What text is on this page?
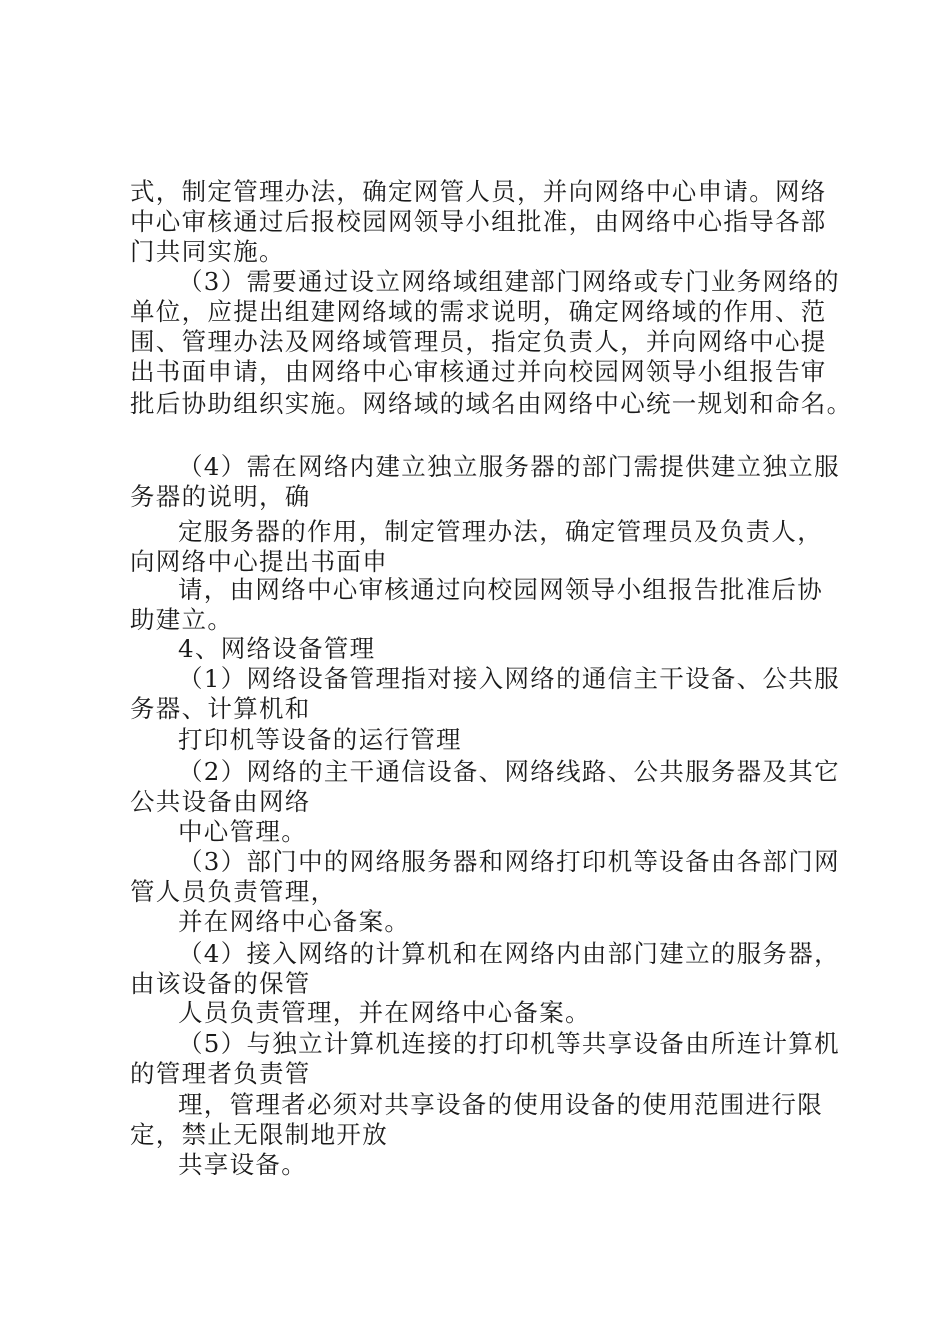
式，制定管理办法，确定网管人员，并向网络中心申请。网络
中心审核通过后报校园网领导小组批准，由网络中心指导各部
门共同实施。
（3）需要通过设立网络域组建部门网络或专门业务网络的
单位，应提出组建网络域的需求说明，确定网络域的作用、范
围、管理办法及网络域管理员，指定负责人，并向网络中心提
出书面申请，由网络中心审核通过并向校园网领导小组报告审
批后协助组织实施。网络域的域名由网络中心统一规划和命名。
（4）需在网络内建立独立服务器的部门需提供建立独立服
务器的说明，确
定服务器的作用，制定管理办法，确定管理员及负责人，
向网络中心提出书面申
请，由网络中心审核通过向校园网领导小组报告批准后协
助建立。
4、网络设备管理
（1）网络设备管理指对接入网络的通信主干设备、公共服
务器、计算机和
打印机等设备的运行管理
（2）网络的主干通信设备、网络线路、公共服务器及其它
公共设备由网络
中心管理。
（3）部门中的网络服务器和网络打印机等设备由各部门网
管人员负责管理，
并在网络中心备案。
（4）接入网络的计算机和在网络内由部门建立的服务器，
由该设备的保管
人员负责管理，并在网络中心备案。
（5）与独立计算机连接的打印机等共享设备由所连计算机
的管理者负责管
理，管理者必须对共享设备的使用设备的使用范围进行限
定，禁止无限制地开放
共享设备。
